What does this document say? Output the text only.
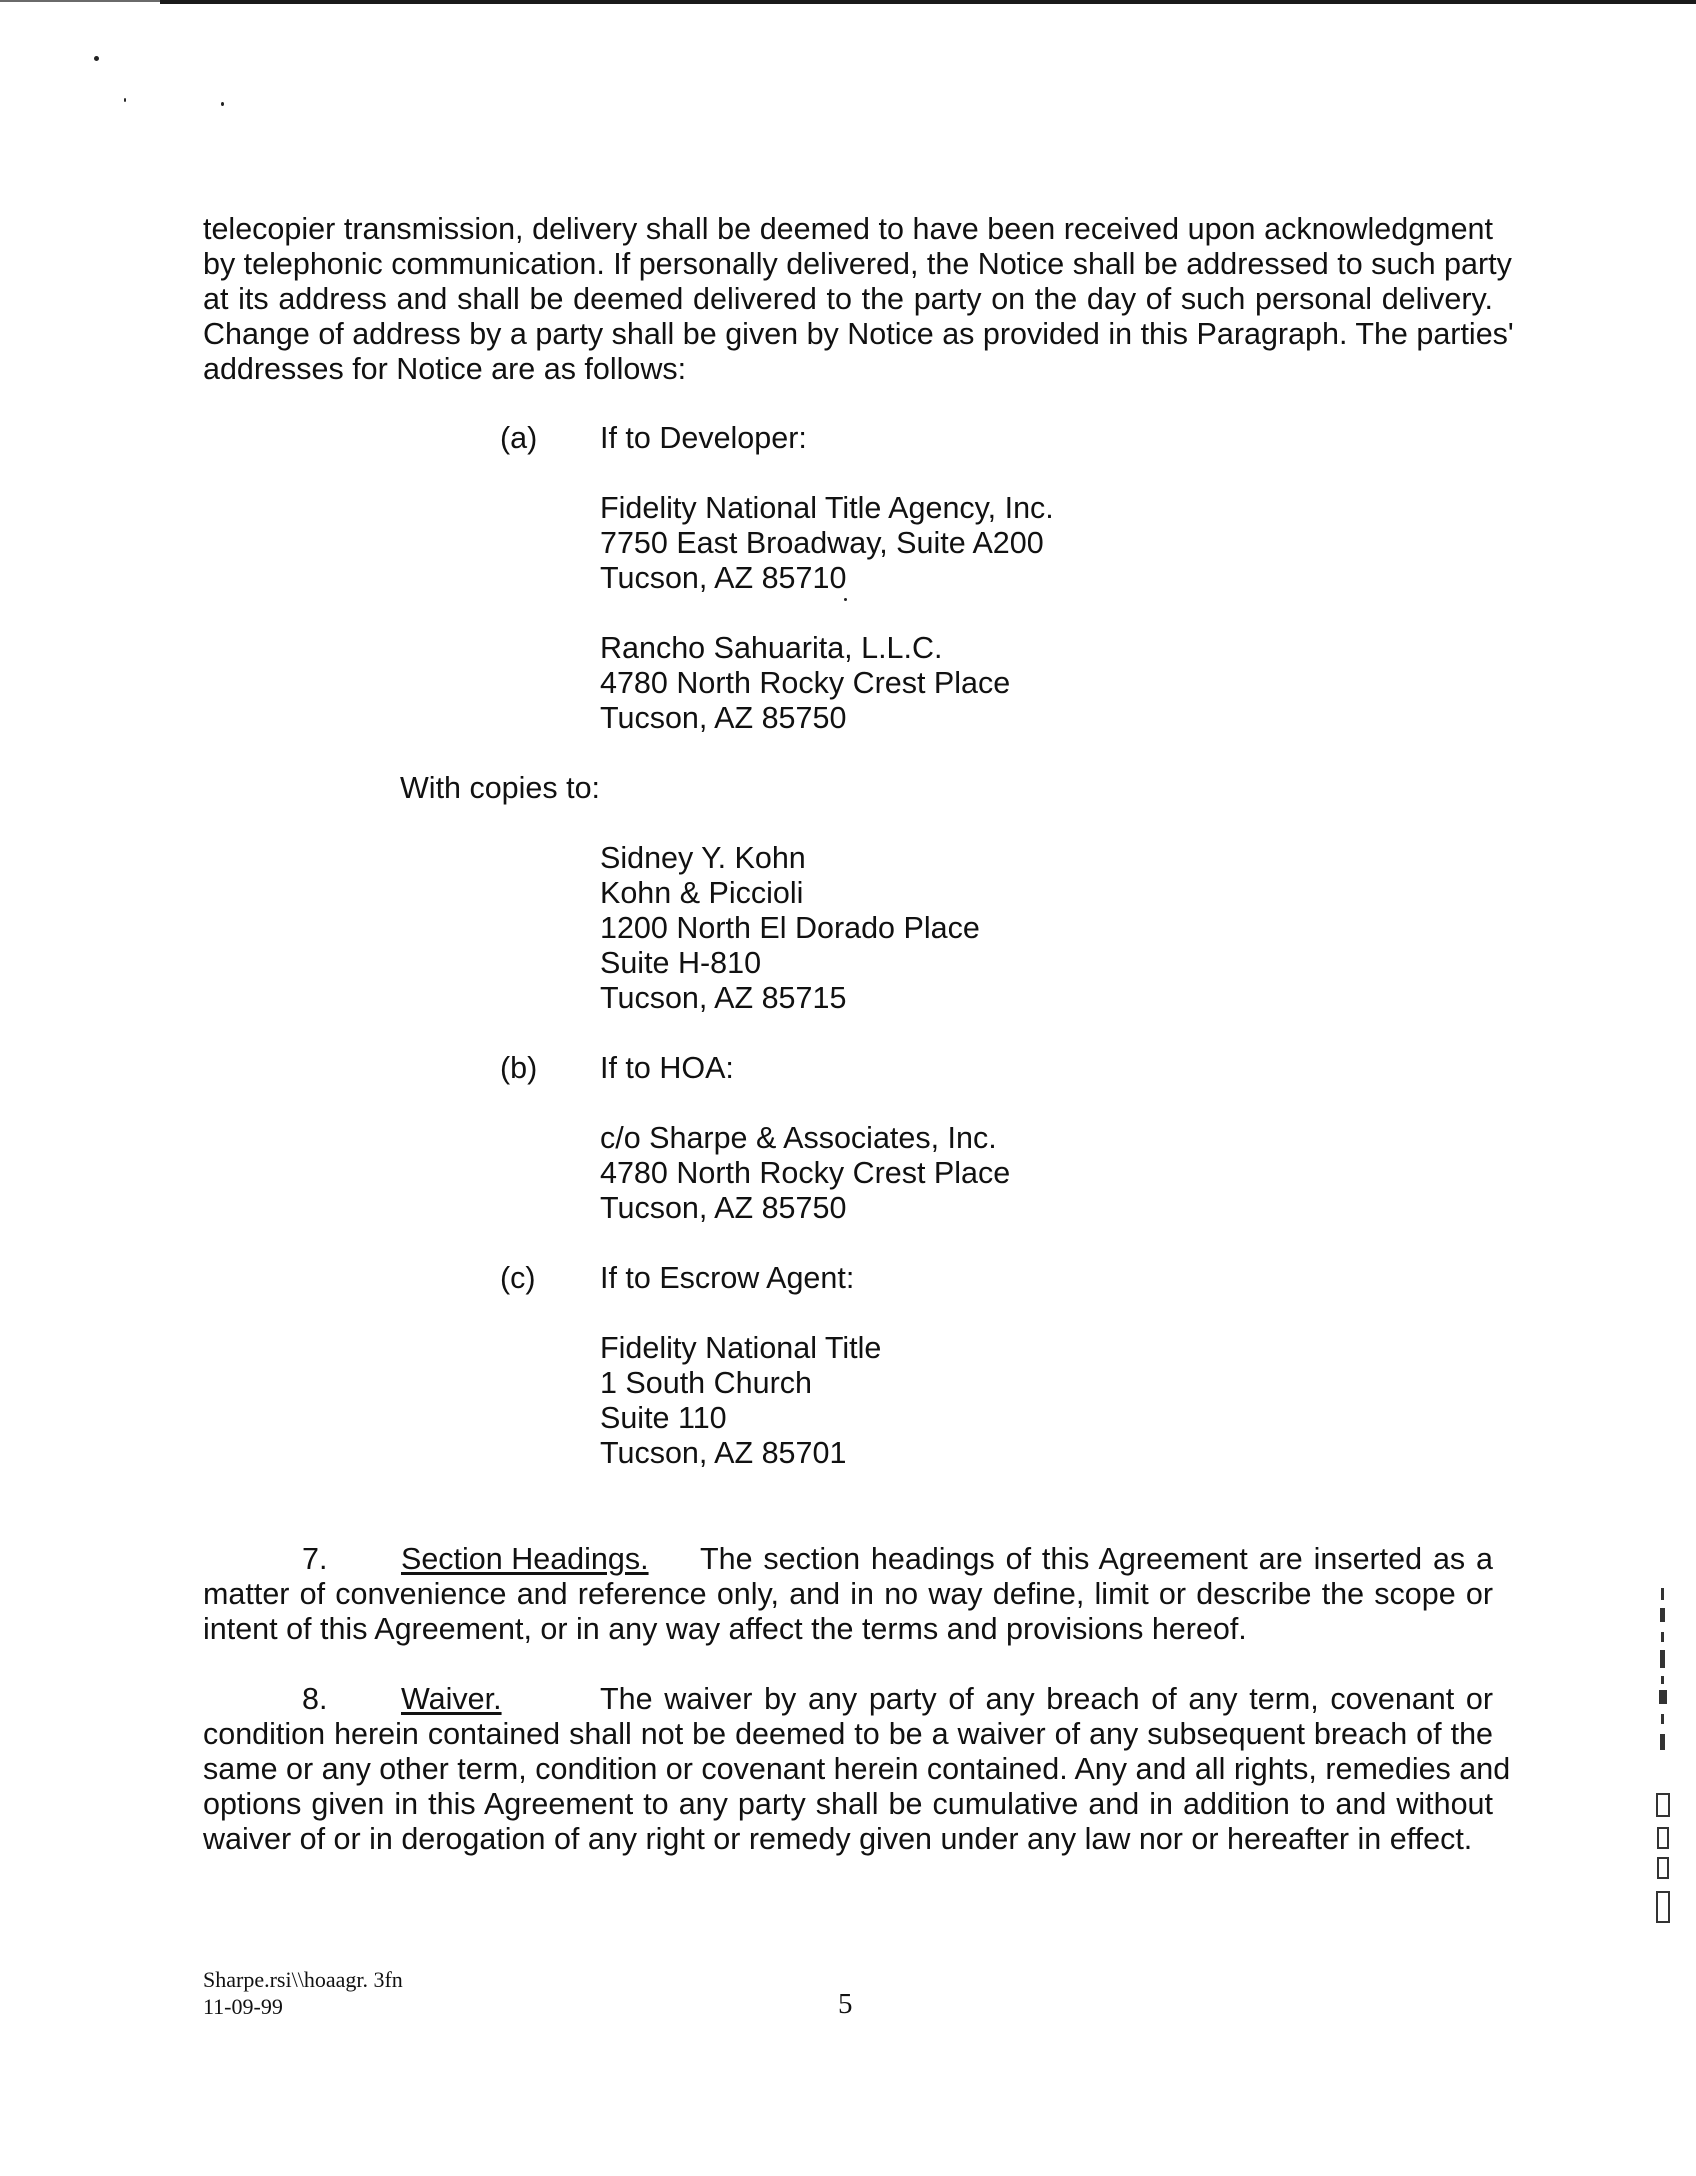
telecopier transmission, delivery shall be deemed to have been received upon acknowledgment
by telephonic communication. If personally delivered, the Notice shall be addressed to such party
at its address and shall be deemed delivered to the party on the day of such personal delivery.
Change of address by a party shall be given by Notice as provided in this Paragraph. The parties'
addresses for Notice are as follows:
(a) If to Developer:
Fidelity National Title Agency, Inc.
7750 East Broadway, Suite A200
Tucson, AZ 85710
Rancho Sahuarita, L.L.C.
4780 North Rocky Crest Place
Tucson, AZ 85750
With copies to:
Sidney Y. Kohn
Kohn & Piccioli
1200 North El Dorado Place
Suite H-810
Tucson, AZ 85715
(b) If to HOA:
c/o Sharpe & Associates, Inc.
4780 North Rocky Crest Place
Tucson, AZ 85750
(c) If to Escrow Agent:
Fidelity National Title
1 South Church
Suite 110
Tucson, AZ 85701
7. Section Headings. The section headings of this Agreement are inserted as a
matter of convenience and reference only, and in no way define, limit or describe the scope or
intent of this Agreement, or in any way affect the terms and provisions hereof.
8. Waiver.	The waiver by any party of any breach of any term, covenant or
condition herein contained shall not be deemed to be a waiver of any subsequent breach of the
same or any other term, condition or covenant herein contained. Any and all rights, remedies and
options given in this Agreement to any party shall be cumulative and in addition to and without
waiver of or in derogation of any right or remedy given under any law nor or hereafter in effect.
Sharpe.rsi\\hoaagr. 3fn
11-09-99	5
